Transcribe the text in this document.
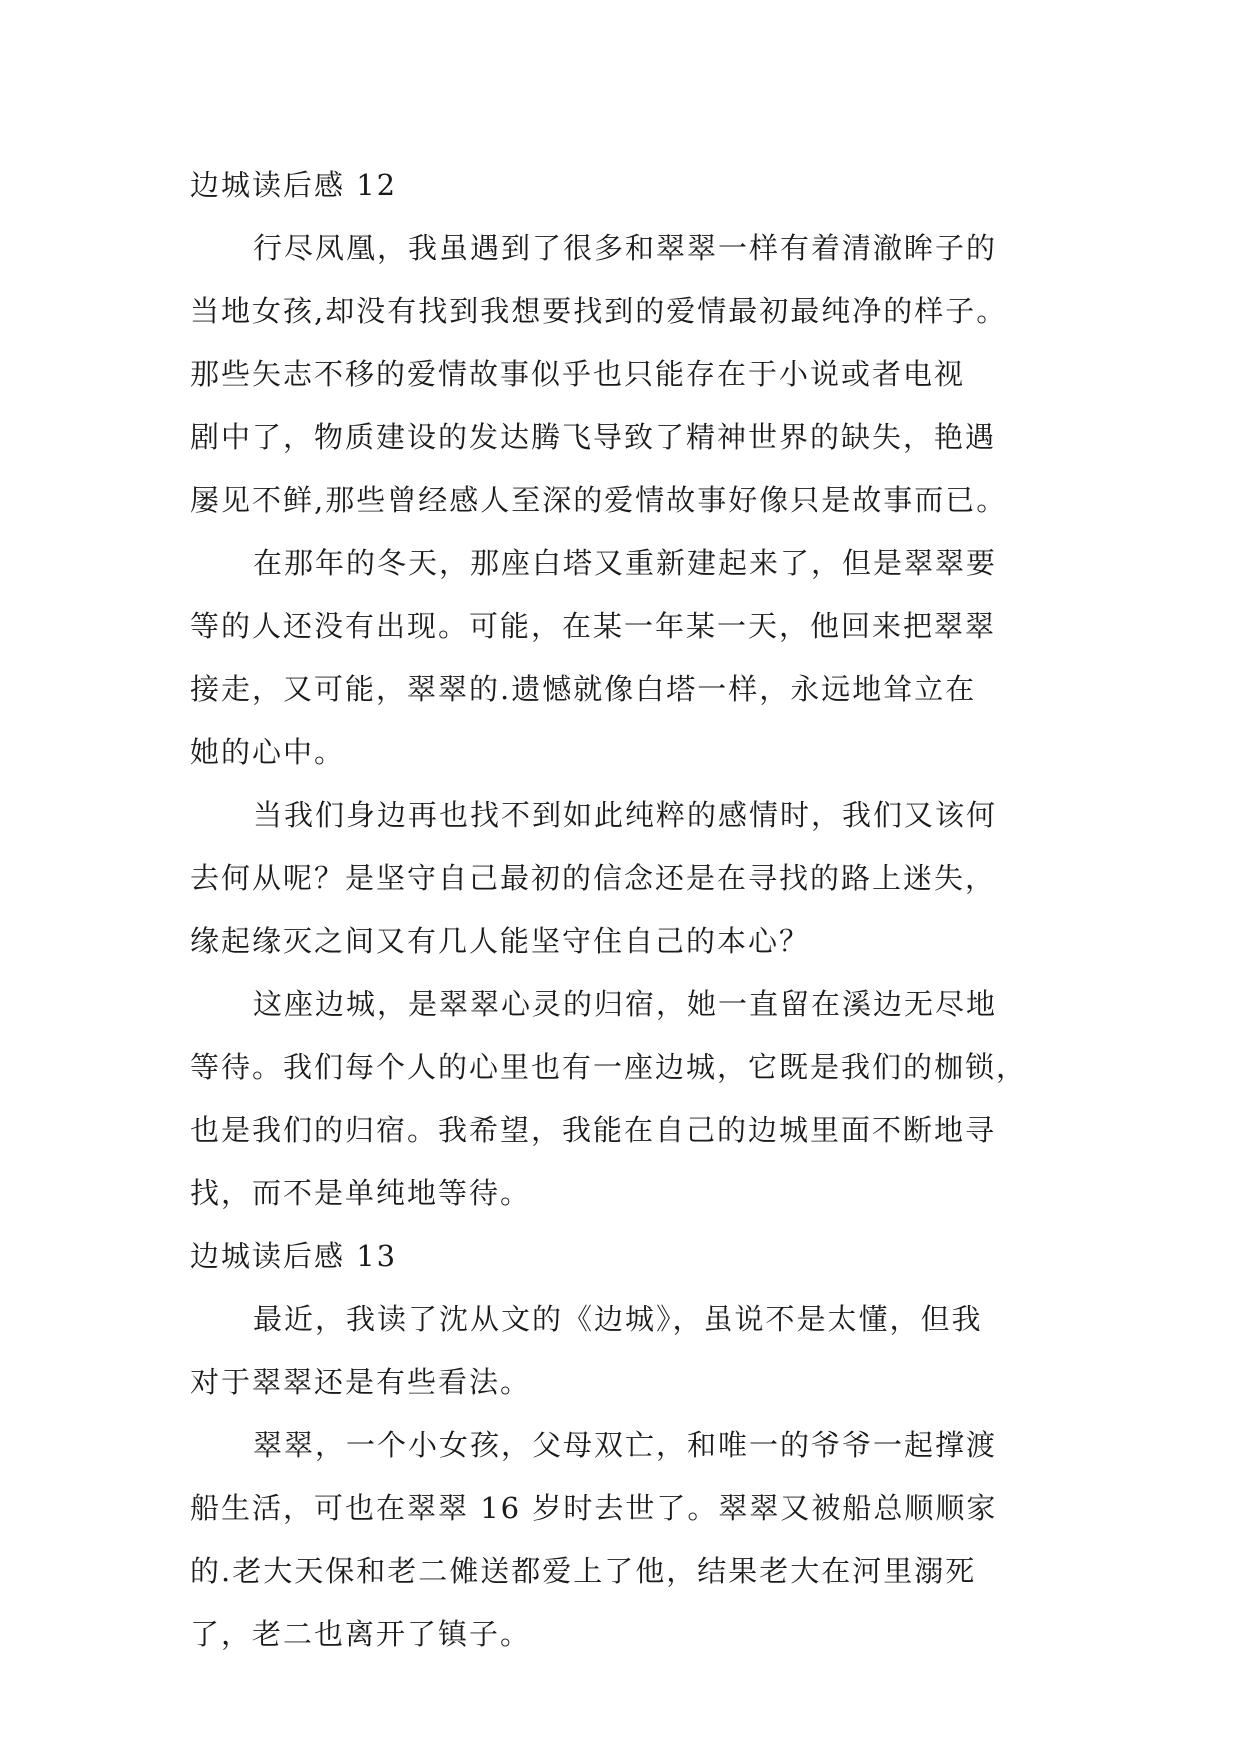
边城读后感 12
行尽凤凰，我虽遇到了很多和翠翠一样有着清澈眸子的
当地女孩,却没有找到我想要找到的爱情最初最纯净的样子。
那些矢志不移的爱情故事似乎也只能存在于小说或者电视
剧中了，物质建设的发达腾飞导致了精神世界的缺失，艳遇
屡见不鲜,那些曾经感人至深的爱情故事好像只是故事而已。
在那年的冬天，那座白塔又重新建起来了，但是翠翠要
等的人还没有出现。可能，在某一年某一天，他回来把翠翠
接走，又可能，翠翠的.遗憾就像白塔一样，永远地耸立在
她的心中。
当我们身边再也找不到如此纯粹的感情时，我们又该何
去何从呢？是坚守自己最初的信念还是在寻找的路上迷失，
缘起缘灭之间又有几人能坚守住自己的本心？
这座边城，是翠翠心灵的归宿，她一直留在溪边无尽地
等待。我们每个人的心里也有一座边城，它既是我们的枷锁，
也是我们的归宿。我希望，我能在自己的边城里面不断地寻
找，而不是单纯地等待。
边城读后感 13
最近，我读了沈从文的《边城》，虽说不是太懂，但我
对于翠翠还是有些看法。
翠翠，一个小女孩，父母双亡，和唯一的爷爷一起撑渡
船生活，可也在翠翠 16 岁时去世了。翠翠又被船总顺顺家
的.老大天保和老二傩送都爱上了他，结果老大在河里溺死
了，老二也离开了镇子。
